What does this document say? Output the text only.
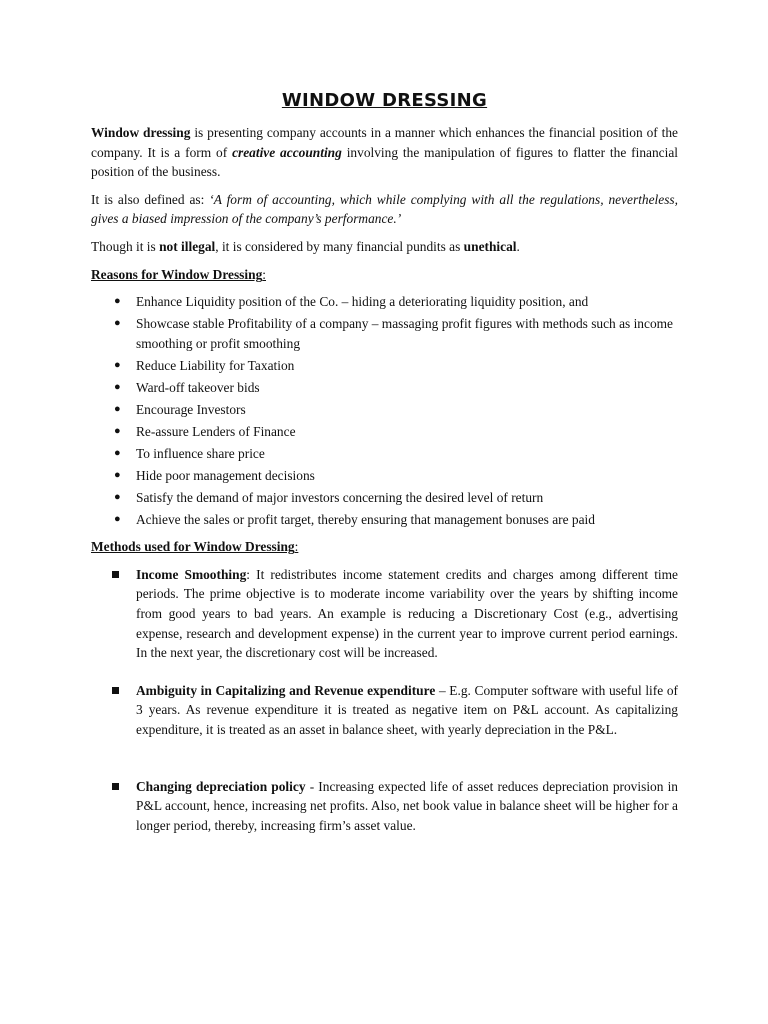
WINDOW DRESSING

Window dressing is presenting company accounts in a manner which enhances the financial position of the company. It is a form of creative accounting involving the manipulation of figures to flatter the financial position of the business.

It is also defined as: ‘A form of accounting, which while complying with all the regulations, nevertheless, gives a biased impression of the company’s performance.’

Though it is not illegal, it is considered by many financial pundits as unethical.

Reasons for Window Dressing:
● Enhance Liquidity position of the Co. – hiding a deteriorating liquidity position, and
● Showcase stable Profitability of a company – massaging profit figures with methods such as income smoothing or profit smoothing
● Reduce Liability for Taxation
● Ward-off takeover bids
● Encourage Investors
● Re-assure Lenders of Finance
● To influence share price
● Hide poor management decisions
● Satisfy the demand of major investors concerning the desired level of return
● Achieve the sales or profit target, thereby ensuring that management bonuses are paid
Methods used for Window Dressing:
Income Smoothing: It redistributes income statement credits and charges among different time periods. The prime objective is to moderate income variability over the years by shifting income from good years to bad years. An example is reducing a Discretionary Cost (e.g., advertising expense, research and development expense) in the current year to improve current period earnings. In the next year, the discretionary cost will be increased.
Ambiguity in Capitalizing and Revenue expenditure – E.g. Computer software with useful life of 3 years. As revenue expenditure it is treated as negative item on P&L account. As capitalizing expenditure, it is treated as an asset in balance sheet, with yearly depreciation in the P&L.
Changing depreciation policy - Increasing expected life of asset reduces depreciation provision in P&L account, hence, increasing net profits. Also, net book value in balance sheet will be higher for a longer period, thereby, increasing firm’s asset value.
